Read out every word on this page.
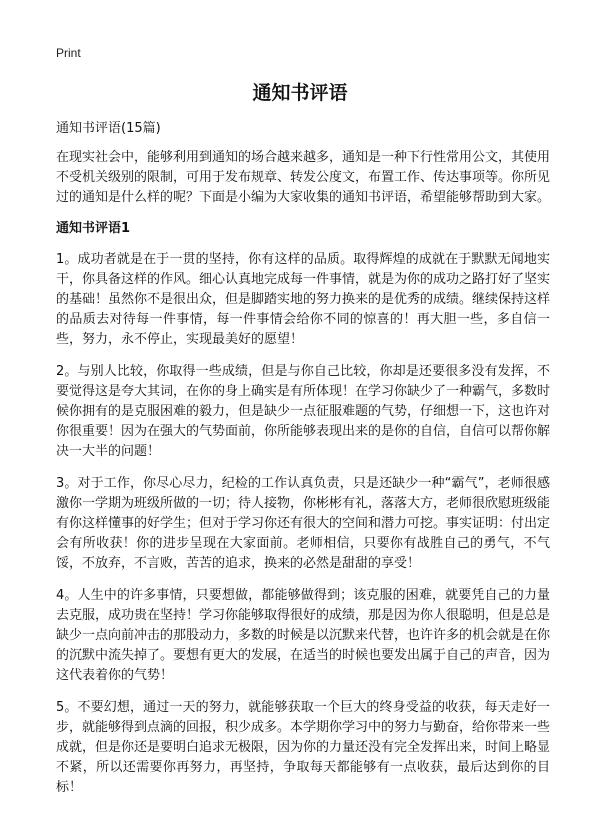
Print
通知书评语

通知书评语(15篇)

在现实社会中，能够利用到通知的场合越来越多，通知是一种下行性常用公文，其使用不受机关级别的限制，可用于发布规章、转发公度文，布置工作、传达事项等。你所见过的通知是什么样的呢？下面是小编为大家收集的通知书评语，希望能够帮助到大家。

通知书评语1

1。成功者就是在于一贯的坚持，你有这样的品质。取得辉煌的成就在于默默无闻地实干，你具备这样的作风。细心认真地完成每一件事情，就是为你的成功之路打好了坚实的基础！虽然你不是很出众，但是脚踏实地的努力换来的是优秀的成绩。继续保持这样的品质去对待每一件事情，每一件事情会给你不同的惊喜的！再大胆一些，多自信一些，努力，永不停止，实现最美好的愿望！

2。与别人比较，你取得一些成绩，但是与你自己比较，你却是还要很多没有发挥，不要觉得这是夸大其词，在你的身上确实是有所体现！在学习你缺少了一种霸气，多数时候你拥有的是克服困难的毅力，但是缺少一点征服难题的气势，仔细想一下，这也许对你很重要！因为在强大的气势面前，你所能够表现出来的是你的自信，自信可以帮你解决一大半的问题！

3。对于工作，你尽心尽力，纪检的工作认真负责，只是还缺少一种“霸气”，老师很感激你一学期为班级所做的一切；待人接物，你彬彬有礼，落落大方，老师很欣慰班级能有你这样懂事的好学生；但对于学习你还有很大的空间和潜力可挖。事实证明：付出定会有所收获！你的进步呈现在大家面前。老师相信，只要你有战胜自己的勇气，不气馁，不放弃，不言败，苦苦的追求，换来的必然是甜甜的享受！

4。人生中的许多事情，只要想做，都能够做得到；该克服的困难，就要凭自己的力量去克服，成功贵在坚持！学习你能够取得很好的成绩，那是因为你人很聪明，但是总是缺少一点向前冲击的那股动力，多数的时候是以沉默来代替，也许许多的机会就是在你的沉默中流失掉了。要想有更大的发展，在适当的时候也要发出属于自己的声音，因为这代表着你的气势！

5。不要幻想，通过一天的努力，就能够获取一个巨大的终身受益的收获，每天走好一步，就能够得到点滴的回报，积少成多。本学期你学习中的努力与勤奋，给你带来一些成就，但是你还是要明白追求无极限，因为你的力量还没有完全发挥出来，时间上略显不紧，所以还需要你再努力，再坚持，争取每天都能够有一点收获，最后达到你的目标！
